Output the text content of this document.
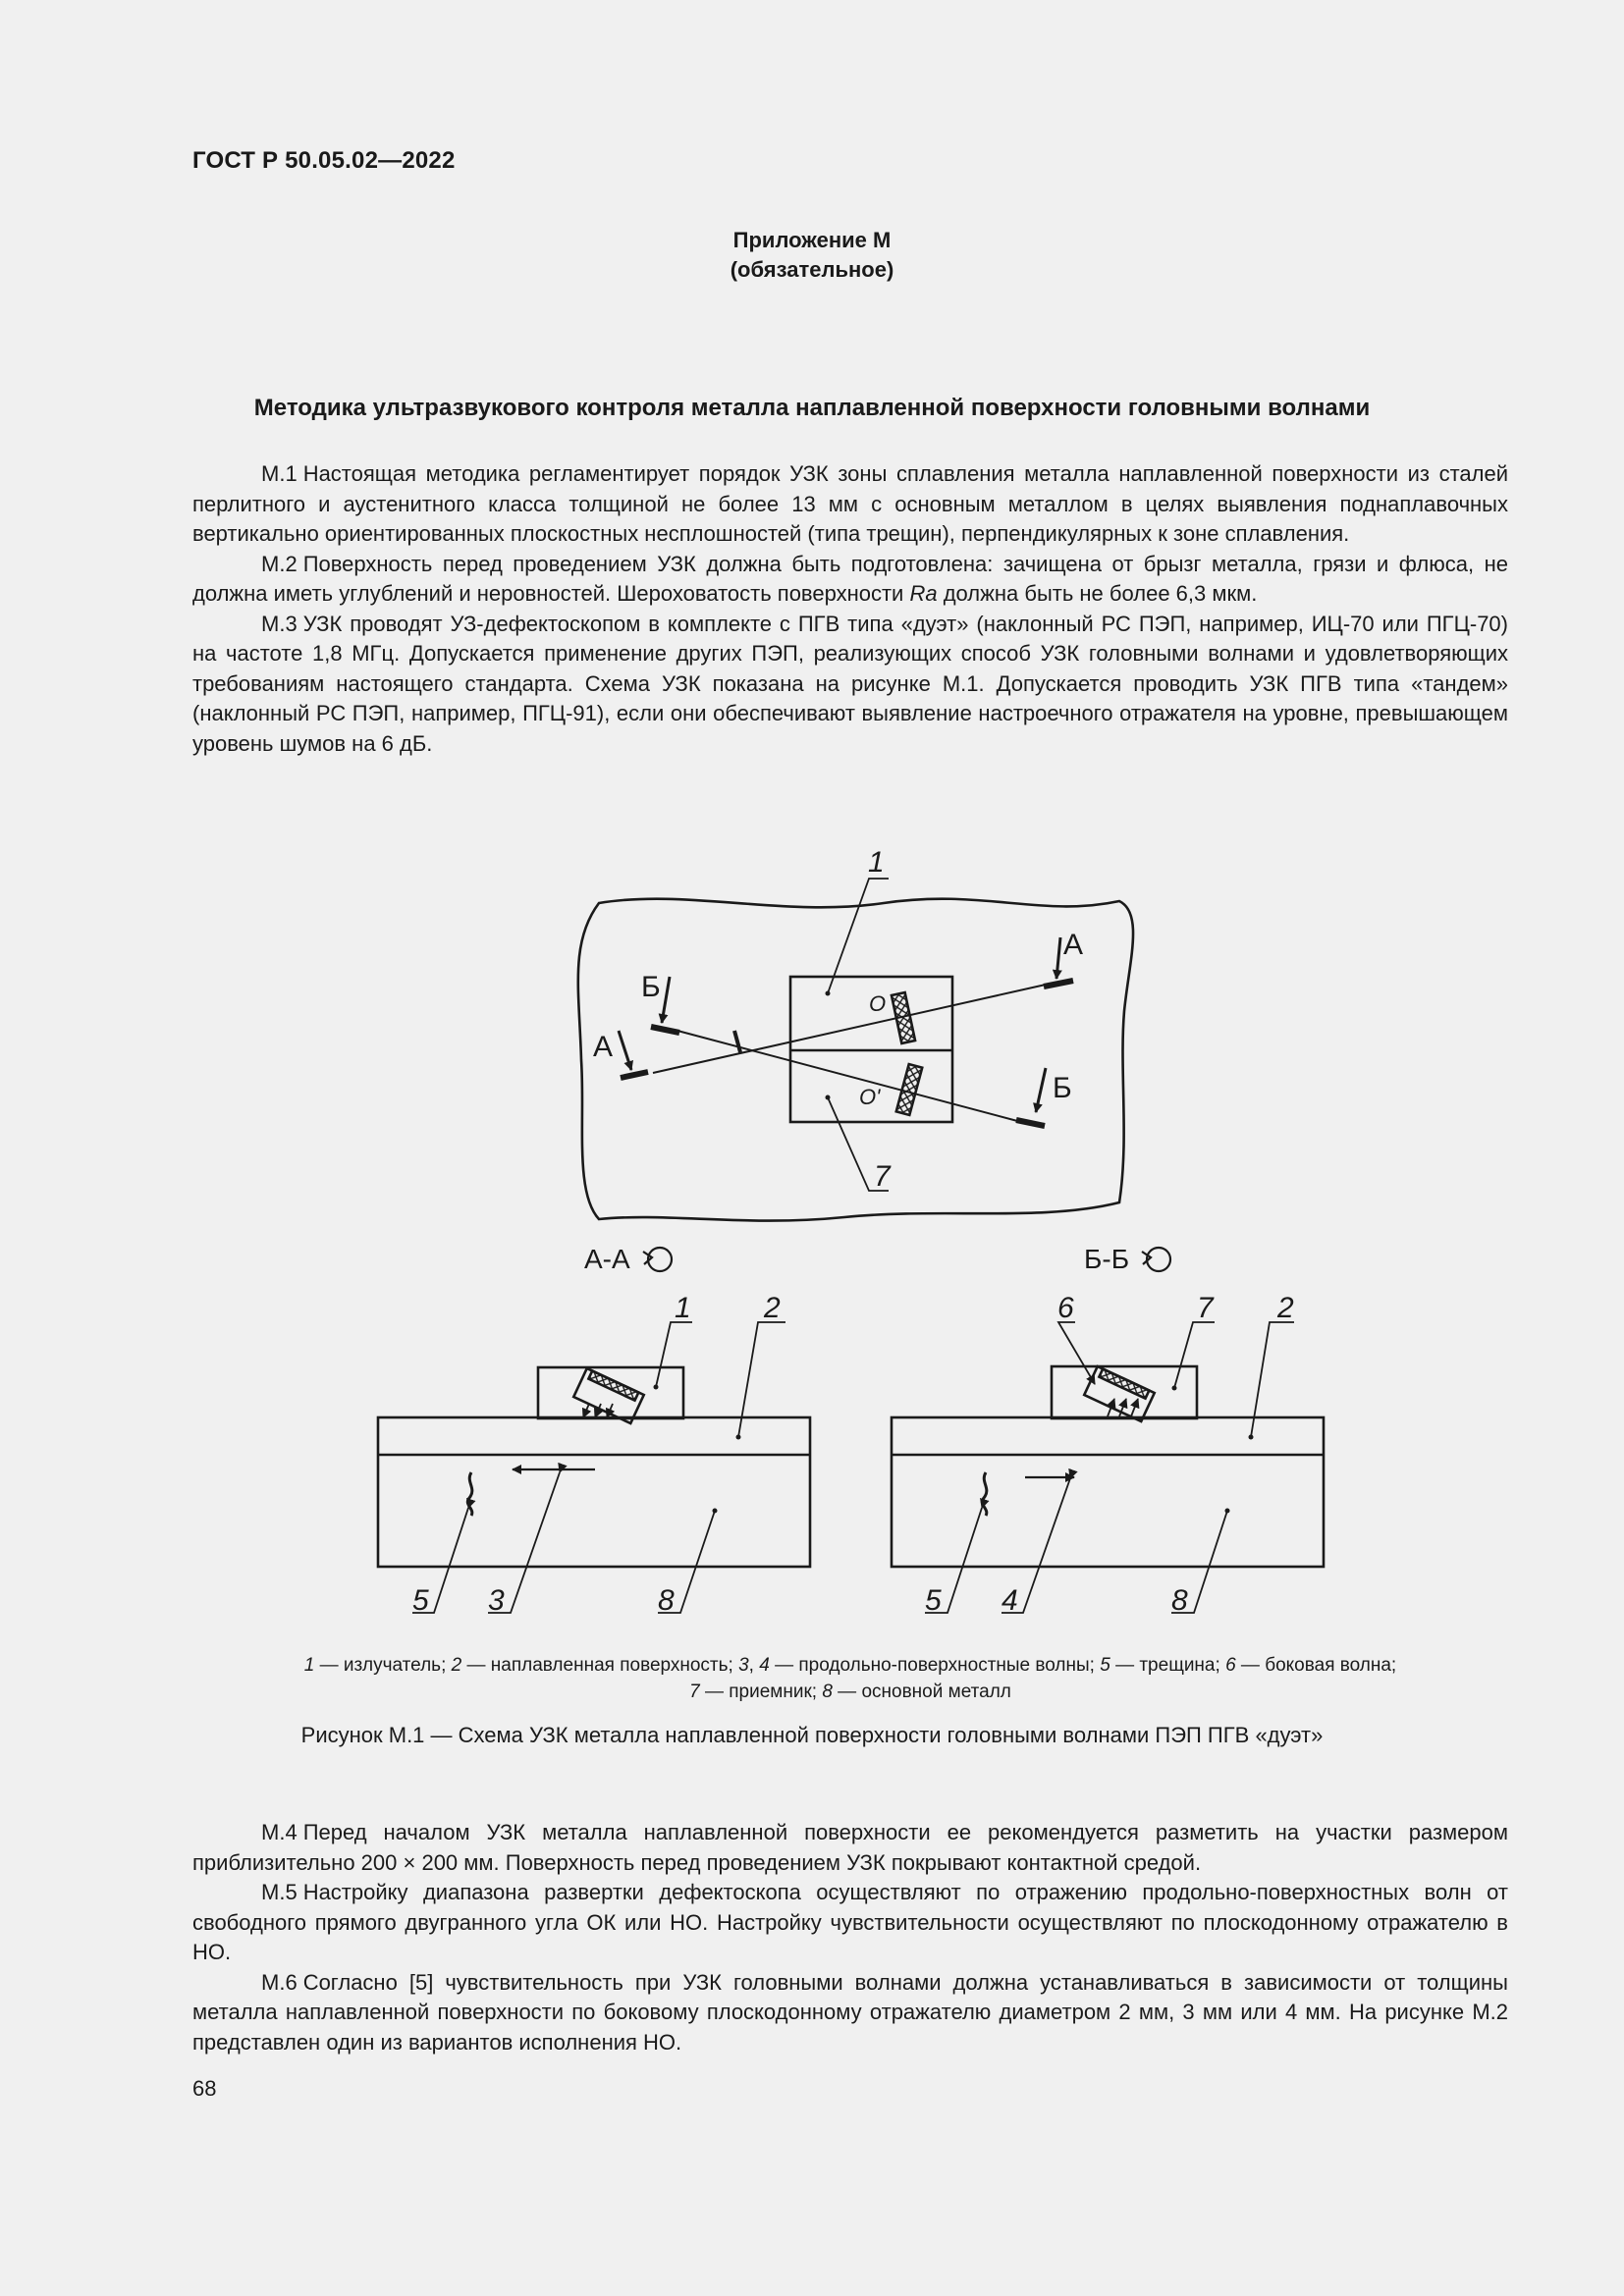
ГОСТ Р 50.05.02—2022
Приложение М
(обязательное)
Методика ультразвукового контроля металла наплавленной поверхности головными волнами

М.1 Настоящая методика регламентирует порядок УЗК зоны сплавления металла наплавленной поверхности из сталей перлитного и аустенитного класса толщиной не более 13 мм с основным металлом в целях выявления поднаплавочных вертикально ориентированных плоскостных несплошностей (типа трещин), перпендикулярных к зоне сплавления.

М.2 Поверхность перед проведением УЗК должна быть подготовлена: зачищена от брызг металла, грязи и флюса, не должна иметь углублений и неровностей. Шероховатость поверхности Ra должна быть не более 6,3 мкм.

М.3 УЗК проводят УЗ-дефектоскопом в комплекте с ПГВ типа «дуэт» (наклонный РС ПЭП, например, ИЦ-70 или ПГЦ-70) на частоте 1,8 МГц. Допускается применение других ПЭП, реализующих способ УЗК головными волнами и удовлетворяющих требованиям настоящего стандарта. Схема УЗК показана на рисунке М.1. Допускается проводить УЗК ПГВ типа «тандем» (наклонный РС ПЭП, например, ПГЦ-91), если они обеспечивают выявление настроечного отражателя на уровне, превышающем уровень шумов на 6 дБ.

1
7
А
А
Б
Б
O
O'
А-А
1 2
5 3	8
Б-Б
6	7 2
5 4	8
1 — излучатель; 2 — наплавленная поверхность; 3, 4 — продольно-поверхностные волны; 5 — трещина; 6 — боковая волна;
7 — приемник; 8 — основной металл
Рисунок М.1 — Схема УЗК металла наплавленной поверхности головными волнами ПЭП ПГВ «дуэт»

М.4 Перед началом УЗК металла наплавленной поверхности ее рекомендуется разметить на участки размером приблизительно 200 × 200 мм. Поверхность перед проведением УЗК покрывают контактной средой.

М.5 Настройку диапазона развертки дефектоскопа осуществляют по отражению продольно-поверхностных волн от свободного прямого двугранного угла ОК или НО. Настройку чувствительности осуществляют по плоскодонному отражателю в НО.

М.6 Согласно [5] чувствительность при УЗК головными волнами должна устанавливаться в зависимости от толщины металла наплавленной поверхности по боковому плоскодонному отражателю диаметром 2 мм, 3 мм или 4 мм. На рисунке М.2 представлен один из вариантов исполнения НО.

68
